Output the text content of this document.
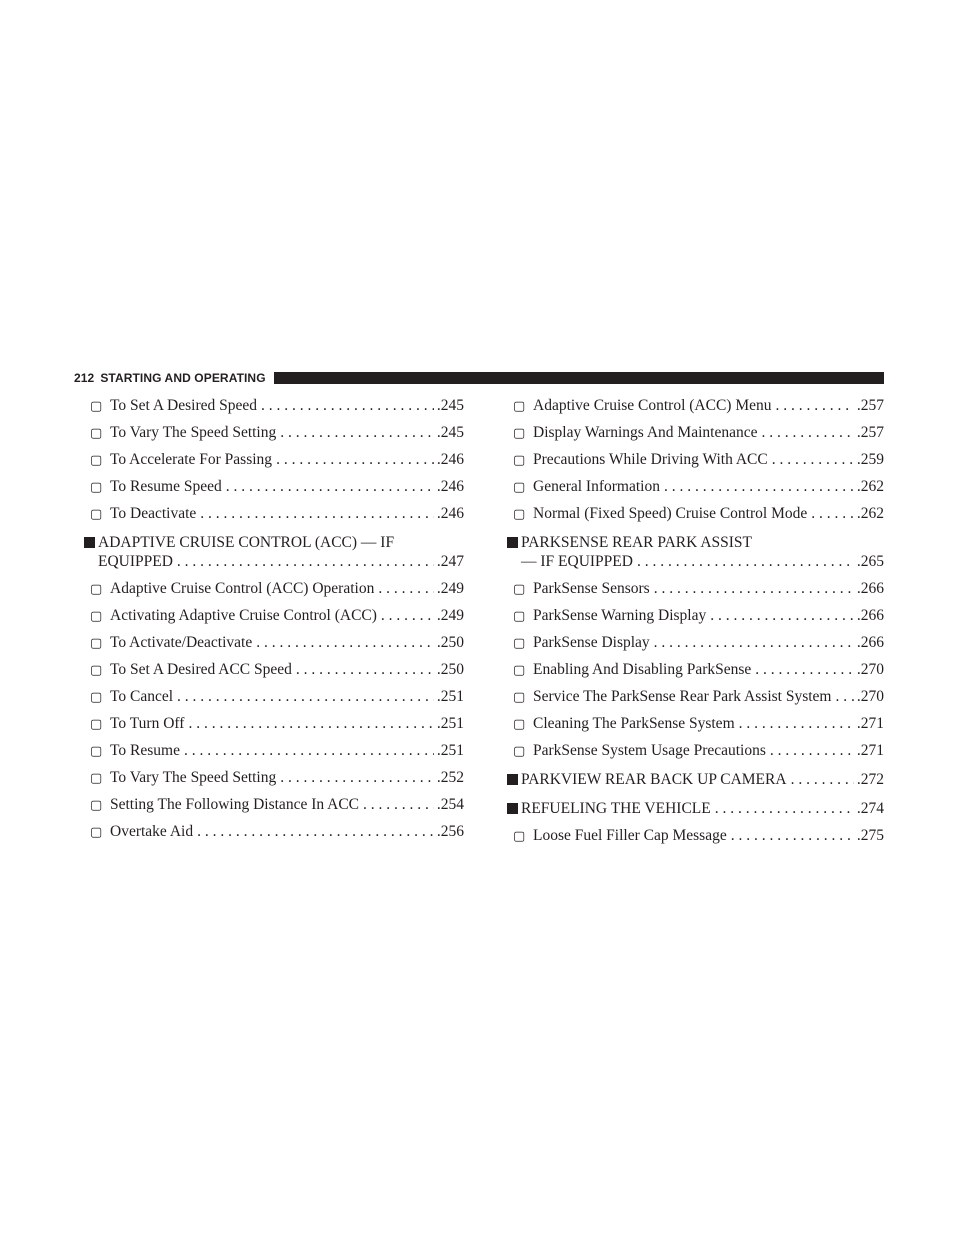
212 STARTING AND OPERATING
▢ To Set A Desired Speed . . .	.245
▢ To Vary The Speed Setting . . .	.245
▢ To Accelerate For Passing . . .	.246
▢ To Resume Speed . . .	.246
▢ To Deactivate . . .	.246
ADAPTIVE CRUISE CONTROL (ACC) — IF
EQUIPPED . . .	.247
▢ Adaptive Cruise Control (ACC) Operation . . .	.249
▢ Activating Adaptive Cruise Control (ACC) . . .	.249
▢ To Activate/Deactivate . . .	.250
▢ To Set A Desired ACC Speed . . .	.250
▢ To Cancel . . .	.251
▢ To Turn Off . . .	.251
▢ To Resume . . .	.251
▢ To Vary The Speed Setting . . .	.252
▢ Setting The Following Distance In ACC . . .	.254
▢ Overtake Aid . . .	.256
▢ Adaptive Cruise Control (ACC) Menu . . .	.257
▢ Display Warnings And Maintenance . . .	.257
▢ Precautions While Driving With ACC . . .	.259
▢ General Information . . .	.262
▢ Normal (Fixed Speed) Cruise Control Mode . . .	.262
PARKSENSE REAR PARK ASSIST
— IF EQUIPPED . . .	.265
▢ ParkSense Sensors . . .	.266
▢ ParkSense Warning Display . . .	.266
▢ ParkSense Display . . .	.266
▢ Enabling And Disabling ParkSense . . .	.270
▢ Service The ParkSense Rear Park Assist System . . . .270
▢ Cleaning The ParkSense System . . .	.271
▢ ParkSense System Usage Precautions . . .	.271
PARKVIEW REAR BACK UP CAMERA . . .	.272
REFUELING THE VEHICLE . . .	.274
▢ Loose Fuel Filler Cap Message . . .	.275
